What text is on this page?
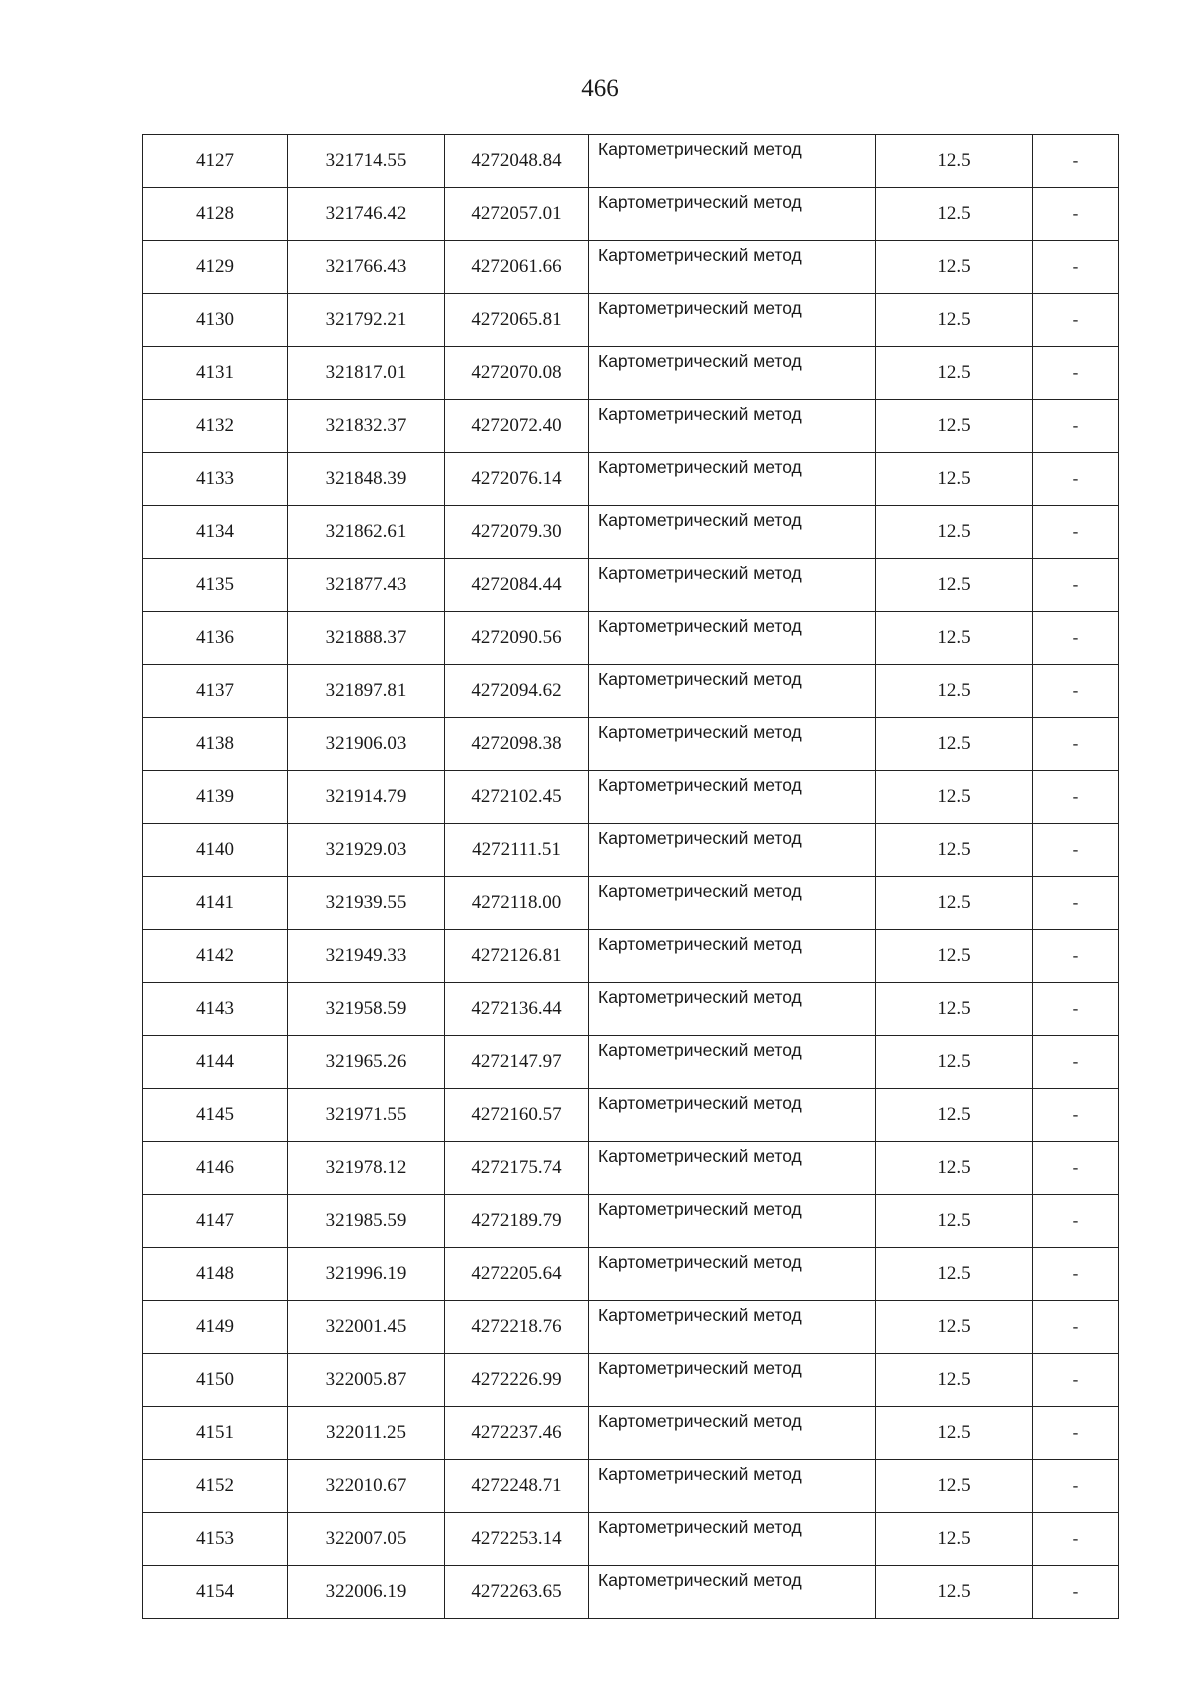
466
4127	321714.55	4272048.84	Картометрический метод	12.5	-
4128	321746.42	4272057.01	Картометрический метод	12.5	-
4129	321766.43	4272061.66	Картометрический метод	12.5	-
4130	321792.21	4272065.81	Картометрический метод	12.5	-
4131	321817.01	4272070.08	Картометрический метод	12.5	-
4132	321832.37	4272072.40	Картометрический метод	12.5	-
4133	321848.39	4272076.14	Картометрический метод	12.5	-
4134	321862.61	4272079.30	Картометрический метод	12.5	-
4135	321877.43	4272084.44	Картометрический метод	12.5	-
4136	321888.37	4272090.56	Картометрический метод	12.5	-
4137	321897.81	4272094.62	Картометрический метод	12.5	-
4138	321906.03	4272098.38	Картометрический метод	12.5	-
4139	321914.79	4272102.45	Картометрический метод	12.5	-
4140	321929.03	4272111.51	Картометрический метод	12.5	-
4141	321939.55	4272118.00	Картометрический метод	12.5	-
4142	321949.33	4272126.81	Картометрический метод	12.5	-
4143	321958.59	4272136.44	Картометрический метод	12.5	-
4144	321965.26	4272147.97	Картометрический метод	12.5	-
4145	321971.55	4272160.57	Картометрический метод	12.5	-
4146	321978.12	4272175.74	Картометрический метод	12.5	-
4147	321985.59	4272189.79	Картометрический метод	12.5	-
4148	321996.19	4272205.64	Картометрический метод	12.5	-
4149	322001.45	4272218.76	Картометрический метод	12.5	-
4150	322005.87	4272226.99	Картометрический метод	12.5	-
4151	322011.25	4272237.46	Картометрический метод	12.5	-
4152	322010.67	4272248.71	Картометрический метод	12.5	-
4153	322007.05	4272253.14	Картометрический метод	12.5	-
4154	322006.19	4272263.65	Картометрический метод	12.5	-
